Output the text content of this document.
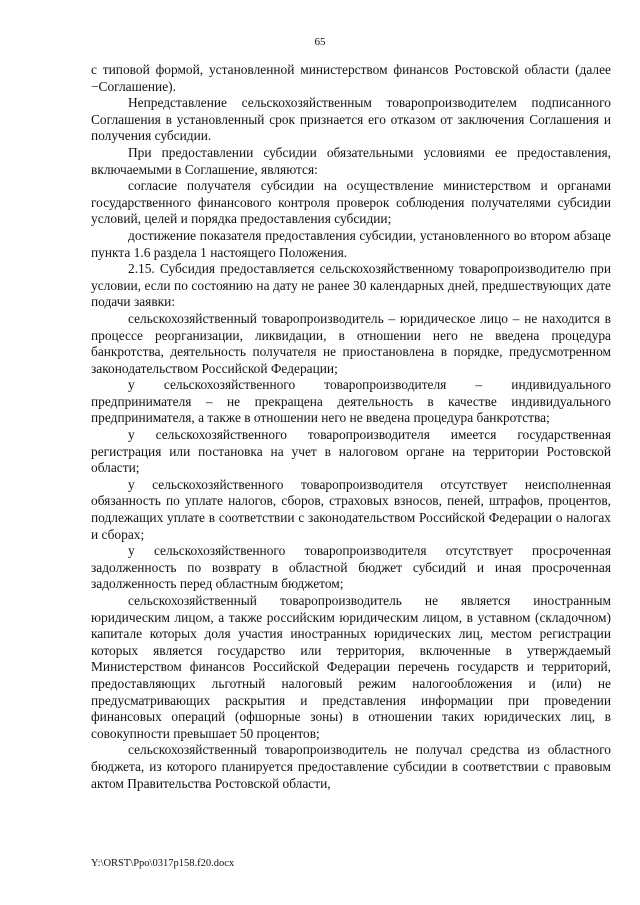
65

с типовой формой, установленной министерством финансов Ростовской области (далее −Соглашение).

Непредставление сельскохозяйственным товаропроизводителем подписанного Соглашения в установленный срок признается его отказом от заключения Соглашения и получения субсидии.

При предоставлении субсидии обязательными условиями ее предоставления, включаемыми в Соглашение, являются:

согласие получателя субсидии на осуществление министерством и органами государственного финансового контроля проверок соблюдения получателями субсидии условий, целей и порядка предоставления субсидии;

достижение показателя предоставления субсидии, установленного во втором абзаце пункта 1.6 раздела 1 настоящего Положения.

2.15. Субсидия предоставляется сельскохозяйственному товаропроизводителю при условии, если по состоянию на дату не ранее 30 календарных дней, предшествующих дате подачи заявки:

сельскохозяйственный товаропроизводитель – юридическое лицо – не находится в процессе реорганизации, ликвидации, в отношении него не введена процедура банкротства, деятельность получателя не приостановлена в порядке, предусмотренном законодательством Российской Федерации;

у сельскохозяйственного товаропроизводителя – индивидуального предпринимателя – не прекращена деятельность в качестве индивидуального предпринимателя, а также в отношении него не введена процедура банкротства;

у сельскохозяйственного товаропроизводителя имеется государственная регистрация или постановка на учет в налоговом органе на территории Ростовской области;

у сельскохозяйственного товаропроизводителя отсутствует неисполненная обязанность по уплате налогов, сборов, страховых взносов, пеней, штрафов, процентов, подлежащих уплате в соответствии с законодательством Российской Федерации о налогах и сборах;

у сельскохозяйственного товаропроизводителя отсутствует просроченная задолженность по возврату в областной бюджет субсидий и иная просроченная задолженность перед областным бюджетом;

сельскохозяйственный товаропроизводитель не является иностранным юридическим лицом, а также российским юридическим лицом, в уставном (складочном) капитале которых доля участия иностранных юридических лиц, местом регистрации которых является государство или территория, включенные в утверждаемый Министерством финансов Российской Федерации перечень государств и территорий, предоставляющих льготный налоговый режим налогообложения и (или) не предусматривающих раскрытия и представления информации при проведении финансовых операций (офшорные зоны) в отношении таких юридических лиц, в совокупности превышает 50 процентов;

сельскохозяйственный товаропроизводитель не получал средства из областного бюджета, из которого планируется предоставление субсидии в соответствии с правовым актом Правительства Ростовской области,

Y:\ORST\Ppo\0317p158.f20.docx
